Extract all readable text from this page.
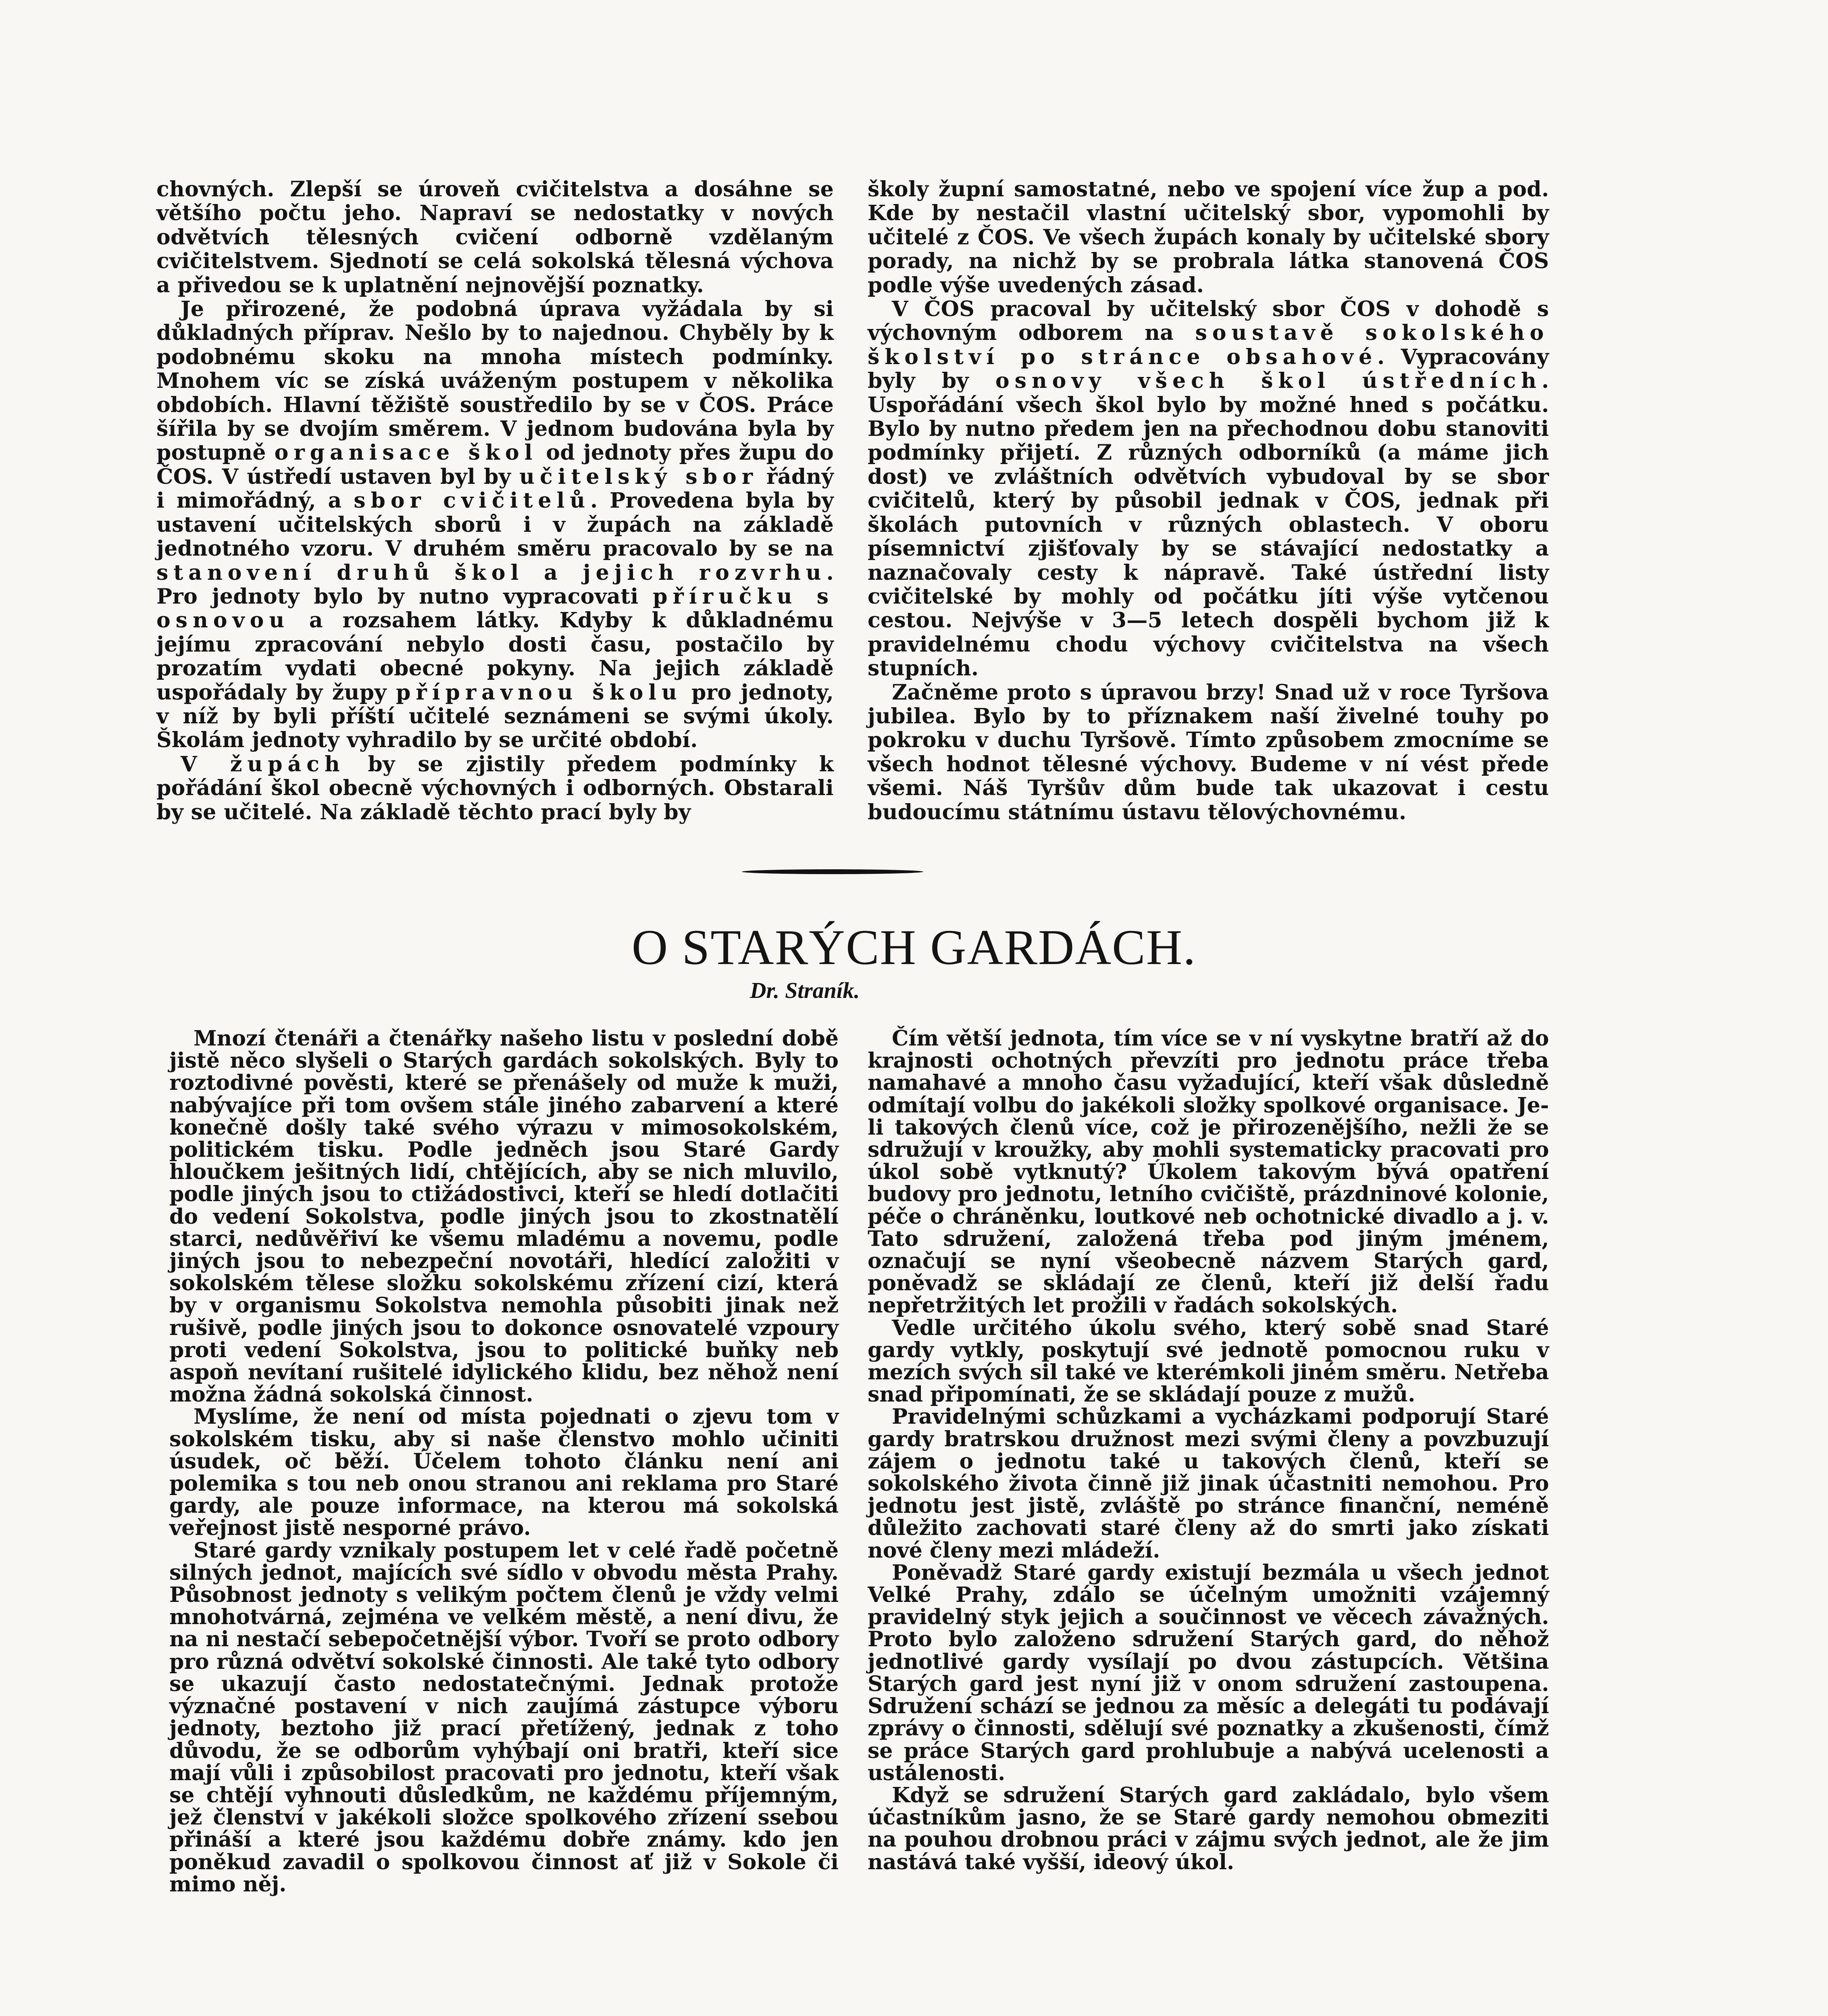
chovných. Zlepší se úroveň cvičitelstva a dosáhne se většího počtu jeho. Napraví se nedostatky v nových odvětvích tělesných cvičení odborně vzdělaným cvičitelstvem. Sjednotí se celá sokolská tělesná výchova a přivedou se k uplatnění nejnovější poznatky.

Je přirozené, že podobná úprava vyžádala by si důkladných příprav. Nešlo by to najednou. Chyběly by k podobnému skoku na mnoha místech podmínky. Mnohem víc se získá uváženým postupem v několika obdobích. Hlavní těžiště soustředilo by se v ČOS. Práce šířila by se dvojím směrem. V jednom budována byla by postupně organisace škol od jednoty přes župu do ČOS. V ústředí ustaven byl by učitelský sbor řádný i mimořádný, a sbor cvičitelů. Provedena byla by ustavení učitelských sborů i v župách na základě jednotného vzoru. V druhém směru pracovalo by se na stanovení druhů škol a jejich rozvrhu. Pro jednoty bylo by nutno vypracovati příručku s osnovou a rozsahem látky. Kdyby k důkladnému jejímu zpracování nebylo dosti času, postačilo by prozatím vydati obecné pokyny. Na jejich základě uspořádaly by župy přípravnou školu pro jednoty, v níž by byli příští učitelé seznámeni se svými úkoly. Školám jednoty vyhradilo by se určité období.

V župách by se zjistily předem podmínky k pořádání škol obecně výchovných i odborných. Obstarali by se učitelé. Na základě těchto prací byly by

školy župní samostatné, nebo ve spojení více žup a pod. Kde by nestačil vlastní učitelský sbor, vypomohli by učitelé z ČOS. Ve všech župách konaly by učitelské sbory porady, na nichž by se probrala látka stanovená ČOS podle výše uvedených zásad.

V ČOS pracoval by učitelský sbor ČOS v dohodě s výchovným odborem na soustavě sokolského školství po stránce obsahové. Vypracovány byly by osnovy všech škol ústředních. Uspořádání všech škol bylo by možné hned s počátku. Bylo by nutno předem jen na přechodnou dobu stanoviti podmínky přijetí. Z různých odborníků (a máme jich dost) ve zvláštních odvětvích vybudoval by se sbor cvičitelů, který by působil jednak v ČOS, jednak při školách putovních v různých oblastech. V oboru písemnictví zjišťovaly by se stávající nedostatky a naznačovaly cesty k nápravě. Také ústřední listy cvičitelské by mohly od počátku jíti výše vytčenou cestou. Nejvýše v 3—5 letech dospěli bychom již k pravidelnému chodu výchovy cvičitelstva na všech stupních.

Začněme proto s úpravou brzy! Snad už v roce Tyršova jubilea. Bylo by to příznakem naší živelné touhy po pokroku v duchu Tyršově. Tímto způsobem zmocníme se všech hodnot tělesné výchovy. Budeme v ní vést přede všemi. Náš Tyršův dům bude tak ukazovat i cestu budoucímu státnímu ústavu tělovýchovnému.

O STARÝCH GARDÁCH.
Dr. Straník.

Mnozí čtenáři a čtenářky našeho listu v poslední době jistě něco slyšeli o Starých gardách sokolských. Byly to roztodivné pověsti, které se přenášely od muže k muži, nabývajíce při tom ovšem stále jiného zabarvení a které konečně došly také svého výrazu v mimosokolském, politickém tisku. Podle jedněch jsou Staré Gardy hloučkem ješitných lidí, chtějících, aby se nich mluvilo, podle jiných jsou to ctižádostivci, kteří se hledí dotlačiti do vedení Sokolstva, podle jiných jsou to zkostnatělí starci, nedůvěřiví ke všemu mladému a novemu, podle jiných jsou to nebezpeční novotáři, hledící založiti v sokolském tělese složku sokolskému zřízení cizí, která by v organismu Sokolstva nemohla působiti jinak než rušivě, podle jiných jsou to dokonce osnovatelé vzpoury proti vedení Sokolstva, jsou to politické buňky neb aspoň nevítaní rušitelé idylického klidu, bez něhož není možna žádná sokolská činnost.

Myslíme, že není od místa pojednati o zjevu tom v sokolském tisku, aby si naše členstvo mohlo učiniti úsudek, oč běží. Účelem tohoto článku není ani polemika s tou neb onou stranou ani reklama pro Staré gardy, ale pouze informace, na kterou má sokolská veřejnost jistě nesporné právo.

Staré gardy vznikaly postupem let v celé řadě početně silných jednot, majících své sídlo v obvodu města Prahy. Působnost jednoty s velikým počtem členů je vždy velmi mnohotvárná, zejména ve velkém městě, a není divu, že na ni nestačí sebepočetnější výbor. Tvoří se proto odbory pro různá odvětví sokolské činnosti. Ale také tyto odbory se ukazují často nedostatečnými. Jednak protože význačné postavení v nich zaujímá zástupce výboru jednoty, beztoho již prací přetížený, jednak z toho důvodu, že se odborům vyhýbají oni bratři, kteří sice mají vůli i způsobilost pracovati pro jednotu, kteří však se chtějí vyhnouti důsledkům, ne každému příjemným, jež členství v jakékoli složce spolkového zřízení ssebou přináší a které jsou každému dobře známy. kdo jen poněkud zavadil o spolkovou činnost ať již v Sokole či mimo něj.

Čím větší jednota, tím více se v ní vyskytne bratří až do krajnosti ochotných převzíti pro jednotu práce třeba namahavé a mnoho času vyžadující, kteří však důsledně odmítají volbu do jakékoli složky spolkové organisace. Je-li takových členů více, což je přirozenějšího, nežli že se sdružují v kroužky, aby mohli systematicky pracovati pro úkol sobě vytknutý? Úkolem takovým bývá opatření budovy pro jednotu, letního cvičiště, prázdninové kolonie, péče o chráněnku, loutkové neb ochotnické divadlo a j. v. Tato sdružení, založená třeba pod jiným jménem, označují se nyní všeobecně názvem Starých gard, poněvadž se skládají ze členů, kteří již delší řadu nepřetržitých let prožili v řadách sokolských.

Vedle určitého úkolu svého, který sobě snad Staré gardy vytkly, poskytují své jednotě pomocnou ruku v mezích svých sil také ve kterémkoli jiném směru. Netřeba snad připomínati, že se skládají pouze z mužů.

Pravidelnými schůzkami a vycházkami podporují Staré gardy bratrskou družnost mezi svými členy a povzbuzují zájem o jednotu také u takových členů, kteří se sokolského života činně již jinak účastniti nemohou. Pro jednotu jest jistě, zvláště po stránce finanční, neméně důležito zachovati staré členy až do smrti jako získati nové členy mezi mládeží.

Poněvadž Staré gardy existují bezmála u všech jednot Velké Prahy, zdálo se účelným umožniti vzájemný pravidelný styk jejich a součinnost ve věcech závažných. Proto bylo založeno sdružení Starých gard, do něhož jednotlivé gardy vysílají po dvou zástupcích. Většina Starých gard jest nyní již v onom sdružení zastoupena. Sdružení schází se jednou za měsíc a delegáti tu podávají zprávy o činnosti, sdělují své poznatky a zkušenosti, čímž se práce Starých gard prohlubuje a nabývá ucelenosti a ustálenosti.

Když se sdružení Starých gard zakládalo, bylo všem účastníkům jasno, že se Staré gardy nemohou obmeziti na pouhou drobnou práci v zájmu svých jednot, ale že jim nastává také vyšší, ideový úkol.
